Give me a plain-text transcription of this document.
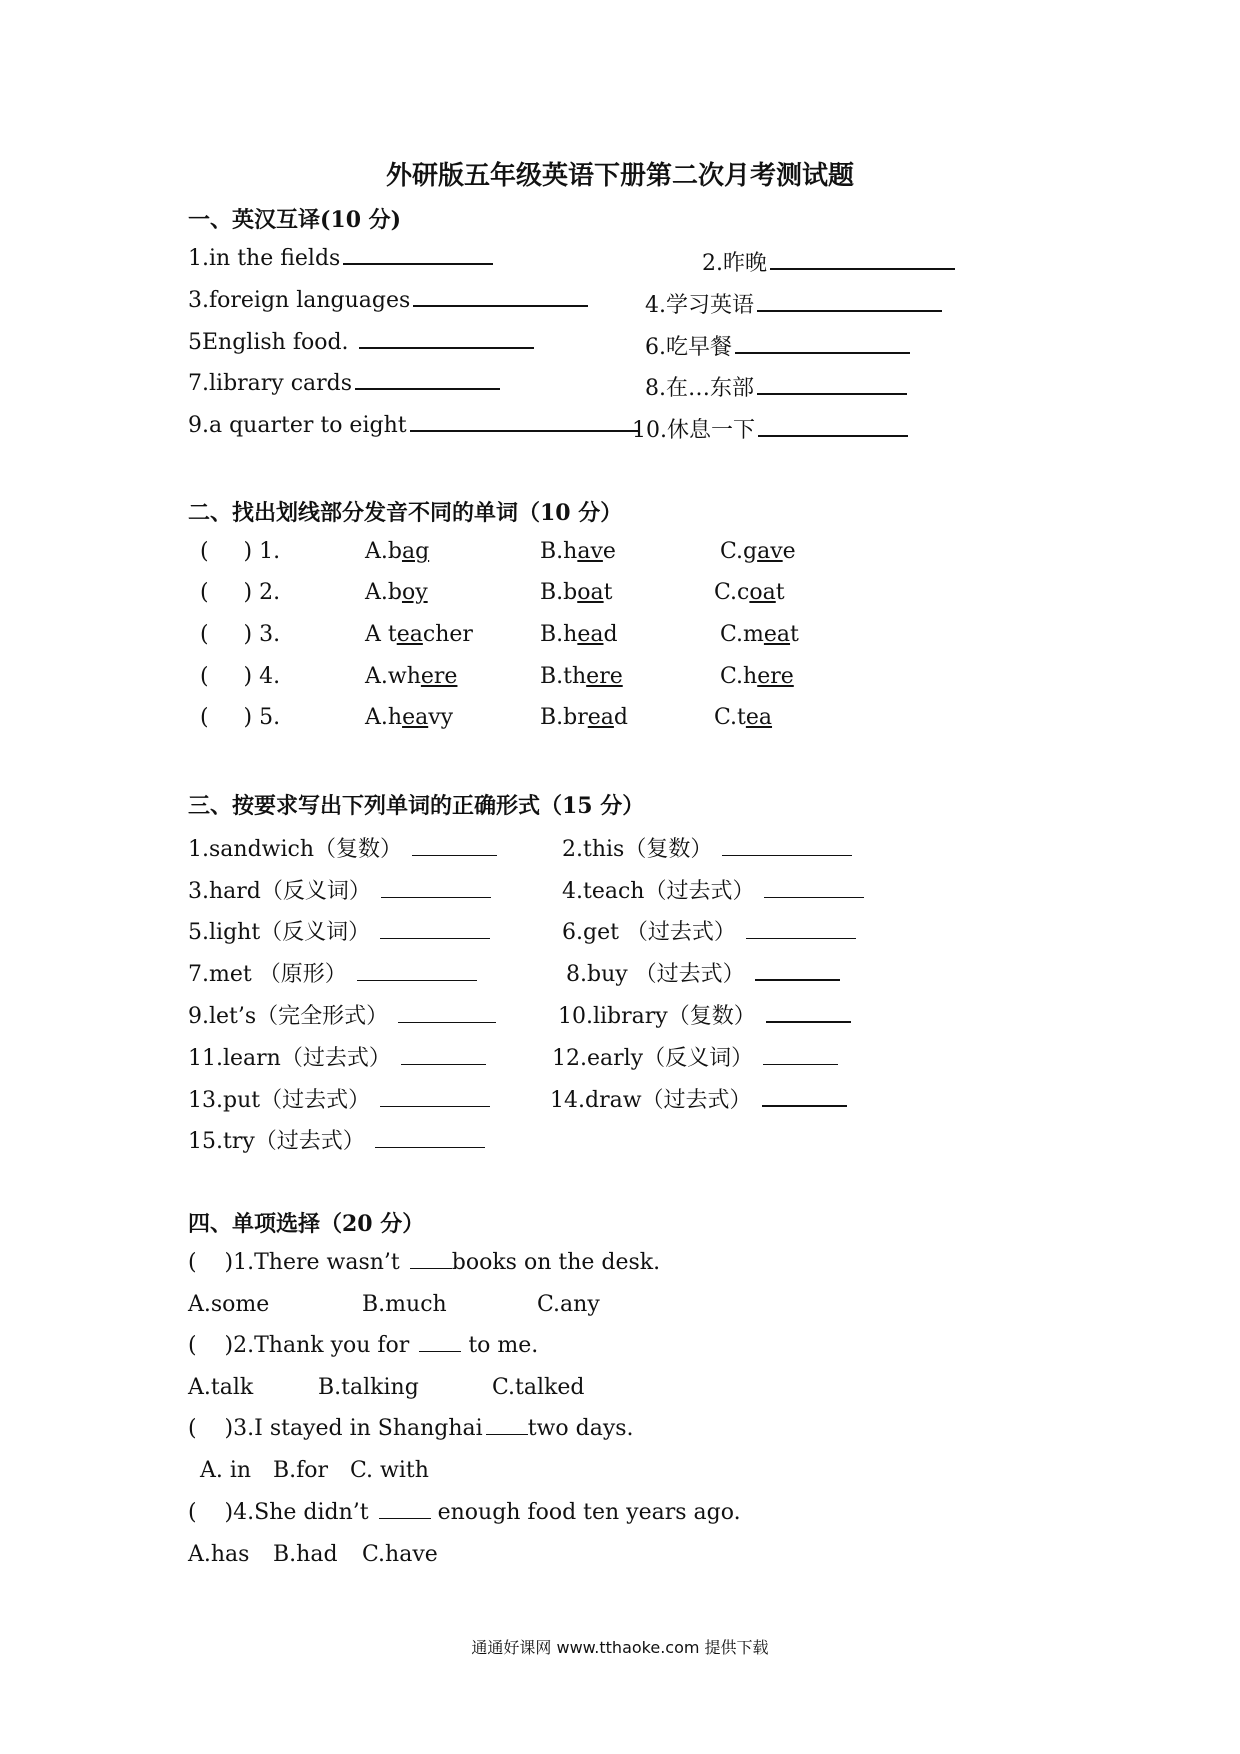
外研版五年级英语下册第二次月考测试题
一、英汉互译(10 分)
1.in the fields	2.昨晚
3.foreign languages	4.学习英语
5English food.	6.吃早餐
7.library cards	8.在…东部
9.a quarter to eight	10.休息一下
二、找出划线部分发音不同的单词（10 分）
(     ) 1.	A.bag	B.have	C.gave
(     ) 2.	A.boy	B.boat	C.coat
(     ) 3.	A teacher	B.head	C.meat
(     ) 4.	A.where	B.there	C.here
(     ) 5.	A.heavy	B.bread	C.tea
三、按要求写出下列单词的正确形式（15 分）
1.sandwich（复数）	2.this（复数）
3.hard（反义词）	4.teach（过去式）
5.light（反义词）	6.get （过去式）
7.met （原形）	8.buy （过去式）
9.let’s（完全形式）	10.library（复数）
11.learn（过去式）	12.early（反义词）
13.put（过去式）	14.draw（过去式）
15.try（过去式）
四、单项选择（20 分）
(    )1.There wasn’t books on the desk.
A.some	B.much	C.any
(    )2.Thank you for  to me.
A.talk	B.talking	C.talked
(    )3.I stayed in Shanghai two days.
A. in B.for C. with
(    )4.She didn’t	enough food ten years ago.
A.has B.had C.have
通通好课网 www.tthaoke.com 提供下载
